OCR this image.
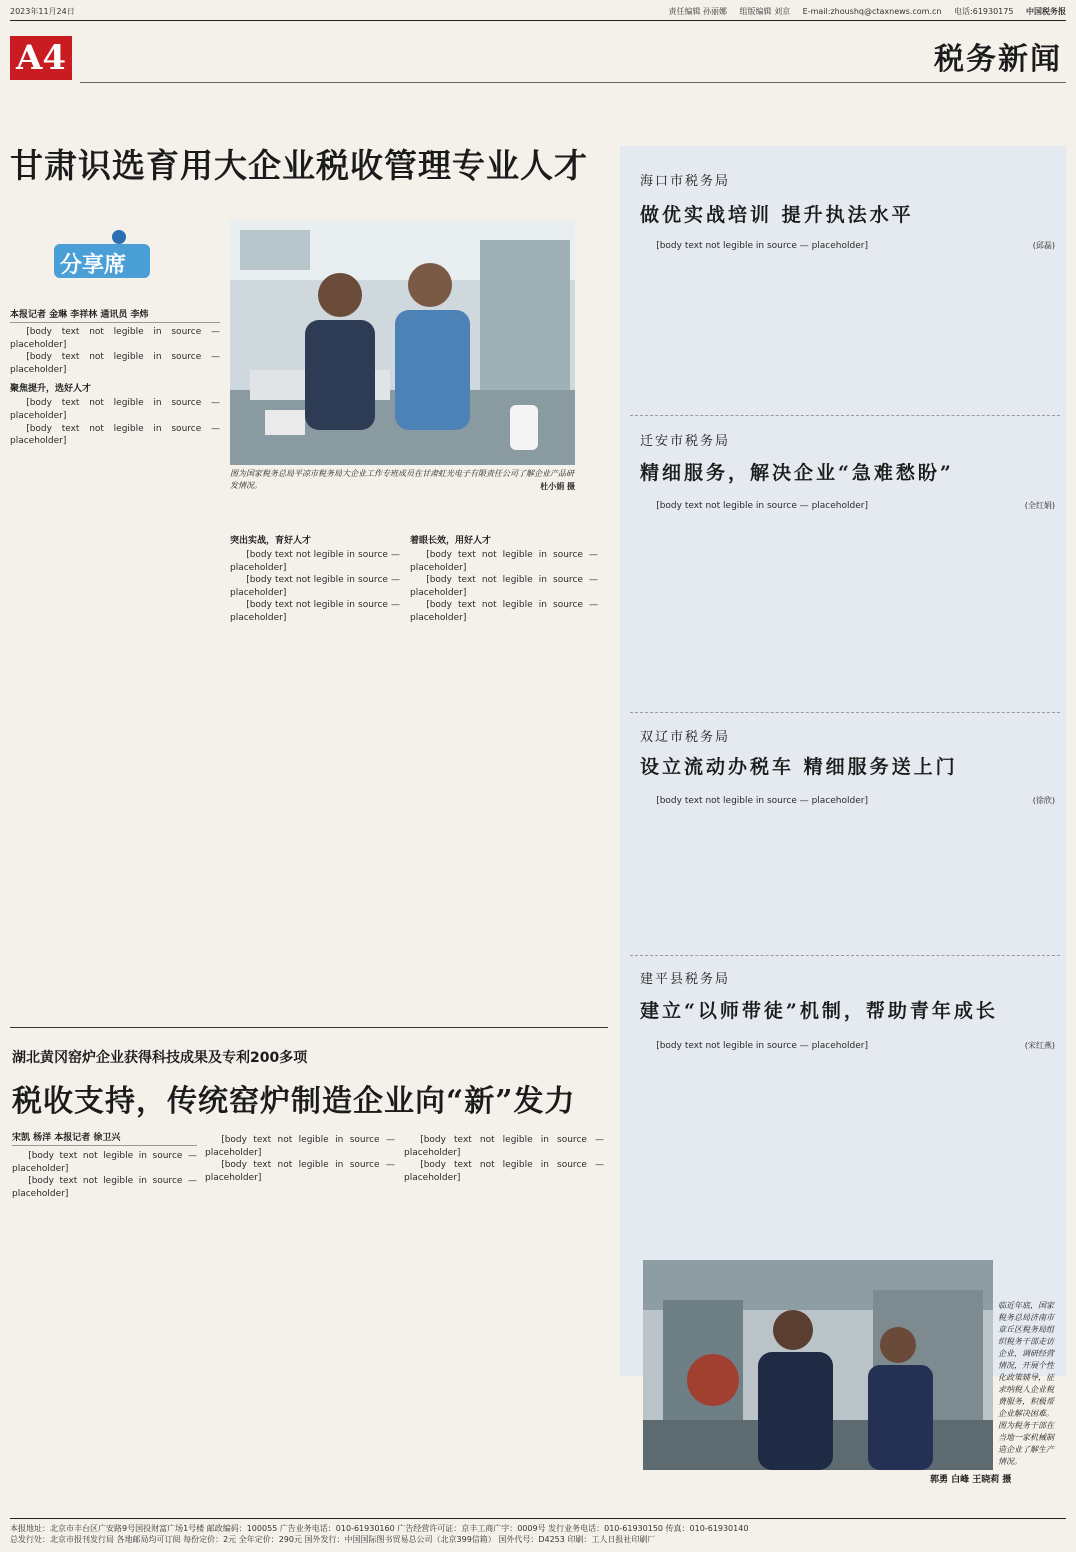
2023年11月24日	责任编辑 孙丽娜 组版编辑 刘京 E-mail:zhoushq@ctaxnews.com.cn 电话:61930175 中国税务报
A4	税务新闻
甘肃识选育用大企业税收管理专业人才
分享席
本报记者 金琳 李祥林 通讯员 李炜
图为国家税务总局平凉市税务局大企业工作专班成员在甘肃虹光电子有限责任公司了解企业产品研发情况。	杜小娟 摄

[body text not legible in source — placeholder]

[body text not legible in source — placeholder]

聚焦提升，选好人才

[body text not legible in source — placeholder]

[body text not legible in source — placeholder]

突出实战，育好人才

[body text not legible in source — placeholder]

[body text not legible in source — placeholder]

[body text not legible in source — placeholder]

着眼长效，用好人才

[body text not legible in source — placeholder]

[body text not legible in source — placeholder]

[body text not legible in source — placeholder]

湖北黄冈窑炉企业获得科技成果及专利200多项
税收支持，传统窑炉制造企业向“新”发力
宋凯 杨洋 本报记者 徐卫兴

[body text not legible in source — placeholder]

[body text not legible in source — placeholder]

[body text not legible in source — placeholder]

[body text not legible in source — placeholder]

[body text not legible in source — placeholder]

[body text not legible in source — placeholder]

海口市税务局
做优实战培训 提升执法水平

[body text not legible in source — placeholder]	(邱磊)

迁安市税务局
精细服务，解决企业“急难愁盼”

[body text not legible in source — placeholder]	(全红娟)

双辽市税务局
设立流动办税车 精细服务送上门

[body text not legible in source — placeholder]	(徐欣)

建平县税务局
建立“以师带徒”机制，帮助青年成长

[body text not legible in source — placeholder]	(宋红燕)

临近年底，国家税务总局济南市章丘区税务局组织税务干部走访企业，调研经营情况，开展个性化政策辅导，征求纳税人企业税费服务，积极帮企业解决困难。图为税务干部在当地一家机械制造企业了解生产情况。
郭勇 白峰 王晓莉 摄
本报地址：北京市丰台区广安路9号国投财富广场1号楼 邮政编码：100055 广告业务电话：010-61930160 广告经营许可证：京丰工商广字：0009号 发行业务电话：010-61930150 传真：010-61930140
总发行处：北京市报刊发行局 各地邮局均可订阅 每份定价：2元 全年定价：290元 国外发行：中国国际图书贸易总公司（北京399信箱） 国外代号：D4253 印刷：工人日报社印刷厂
